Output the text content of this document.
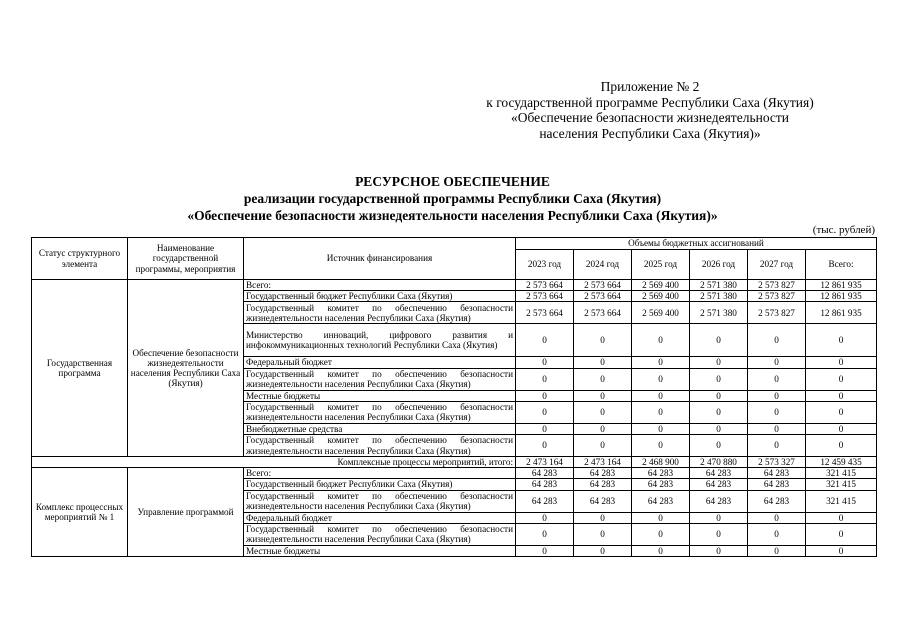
Приложение № 2
к государственной программе Республики Саха (Якутия)
«Обеспечение безопасности жизнедеятельности
населения Республики Саха (Якутия)»
РЕСУРСНОЕ ОБЕСПЕЧЕНИЕ
реализации государственной программы Республики Саха (Якутия)
«Обеспечение безопасности жизнедеятельности населения Республики Саха (Якутия)»
(тыс. рублей)
Статус структурного элемента	Наименование государственной программы, мероприятия	Источник финансирования	Объемы бюджетных ассигнований					
			2023 год	2024 год	2025 год	2026 год	2027 год	Всего:
Государственная программа	Обеспечение безопасности жизнедеятельности населения Республики Саха (Якутия)	Всего:	2 573 664	2 573 664	2 569 400	2 571 380	2 573 827	12 861 935
		Государственный бюджет Республики Саха (Якутия)	2 573 664	2 573 664	2 569 400	2 571 380	2 573 827	12 861 935
		Государственный комитет по обеспечению безопасности жизнедеятельности населения Республики Саха (Якутия)	2 573 664	2 573 664	2 569 400	2 571 380	2 573 827	12 861 935
		Министерство инноваций, цифрового развития и инфокоммуникационных технологий Республики Саха (Якутия)	0	0	0	0	0	0
		Федеральный бюджет	0	0	0	0	0	0
		Государственный комитет по обеспечению безопасности жизнедеятельности населения Республики Саха (Якутия)	0	0	0	0	0	0
		Местные бюджеты	0	0	0	0	0	0
		Государственный комитет по обеспечению безопасности жизнедеятельности населения Республики Саха (Якутия)	0	0	0	0	0	0
		Внебюджетные средства	0	0	0	0	0	0
		Государственный комитет по обеспечению безопасности жизнедеятельности населения Республики Саха (Якутия)	0	0	0	0	0	0
Комплексные процессы мероприятий, итого:			2 473 164	2 473 164	2 468 900	2 470 880	2 573 327	12 459 435
Комплекс процессных мероприятий № 1	Управление программой	Всего:	64 283	64 283	64 283	64 283	64 283	321 415
		Государственный бюджет Республики Саха (Якутия)	64 283	64 283	64 283	64 283	64 283	321 415
		Государственный комитет по обеспечению безопасности жизнедеятельности населения Республики Саха (Якутия)	64 283	64 283	64 283	64 283	64 283	321 415
		Федеральный бюджет	0	0	0	0	0	0
		Государственный комитет по обеспечению безопасности жизнедеятельности населения Республики Саха (Якутия)	0	0	0	0	0	0
		Местные бюджеты	0	0	0	0	0	0
